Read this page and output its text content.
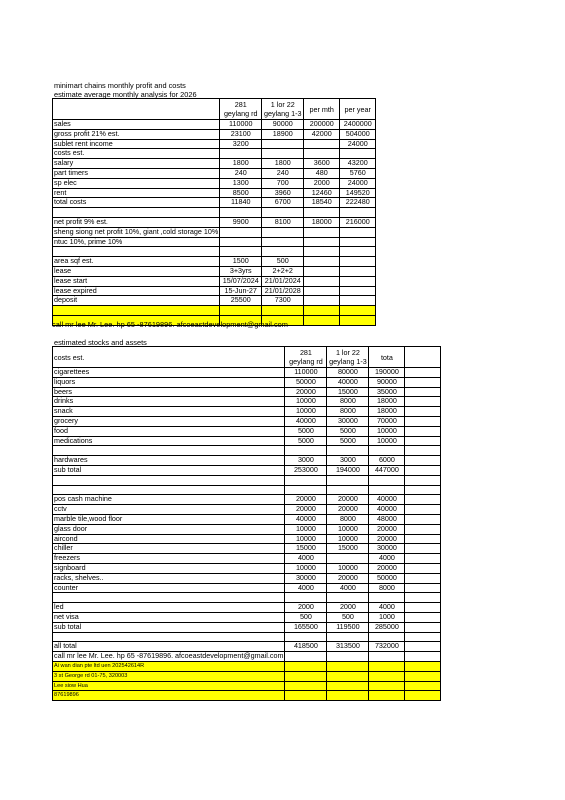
minimart chains monthly profit and costs
estimate average monthly analysis for 2026
	281 geylang rd	1 lor 22 geylang 1-3	per mth	per year
sales	110000	90000	200000	2400000
gross profit 21% est.	23100	18900	42000	504000
sublet rent income	3200			24000
costs est.				
salary	1800	1800	3600	43200
part timers	240	240	480	5760
sp elec	1300	700	2000	24000
rent	8500	3960	12460	149520
total costs	11840	6700	18540	222480

net profit 9% est.	9900	8100	18000	216000
sheng siong net profit 10%, giant ,cold storage 10%				
ntuc 10%, prime 10%				

area sqf est.	1500	500		
lease	3+3yrs	2+2+2		
lease start	15/07/2024	21/01/2024		
lease expired	15-Jun-27	21/01/2028		
deposit	25500	7300		

call mr lee Mr. Lee. hp 65 -87619896. afcoeastdevelopment@gmail.com
estimated stocks and assets
costs est.	281 geylang rd	1 lor 22 geylang 1-3	tota	
cigarettees	110000	80000	190000	
liquors	50000	40000	90000	
beers	20000	15000	35000	
drinks	10000	8000	18000	
snack	10000	8000	18000	
grocery	40000	30000	70000	
food	5000	5000	10000	
medications	5000	5000	10000	

hardwares	3000	3000	6000	
sub total	253000	194000	447000	

pos cash machine	20000	20000	40000	
cctv	20000	20000	40000	
marble tile,wood floor	40000	8000	48000	
glass door	10000	10000	20000	
aircond	10000	10000	20000	
chiller	15000	15000	30000	
freezers	4000		4000	
signboard	10000	10000	20000	
racks, shelves..	30000	20000	50000	
counter	4000	4000	8000	

led	2000	2000	4000	
net visa	500	500	1000	
sub total	165500	119500	285000	

all total	418500	313500	732000	
call mr lee Mr. Lee. hp 65 -87619896. afcoeastdevelopment@gmail.com				
Ai wan dian pte ltd uen 202542614R				
3 st George rd 01-75, 320003				
Lee siow Hua				
87619896				
